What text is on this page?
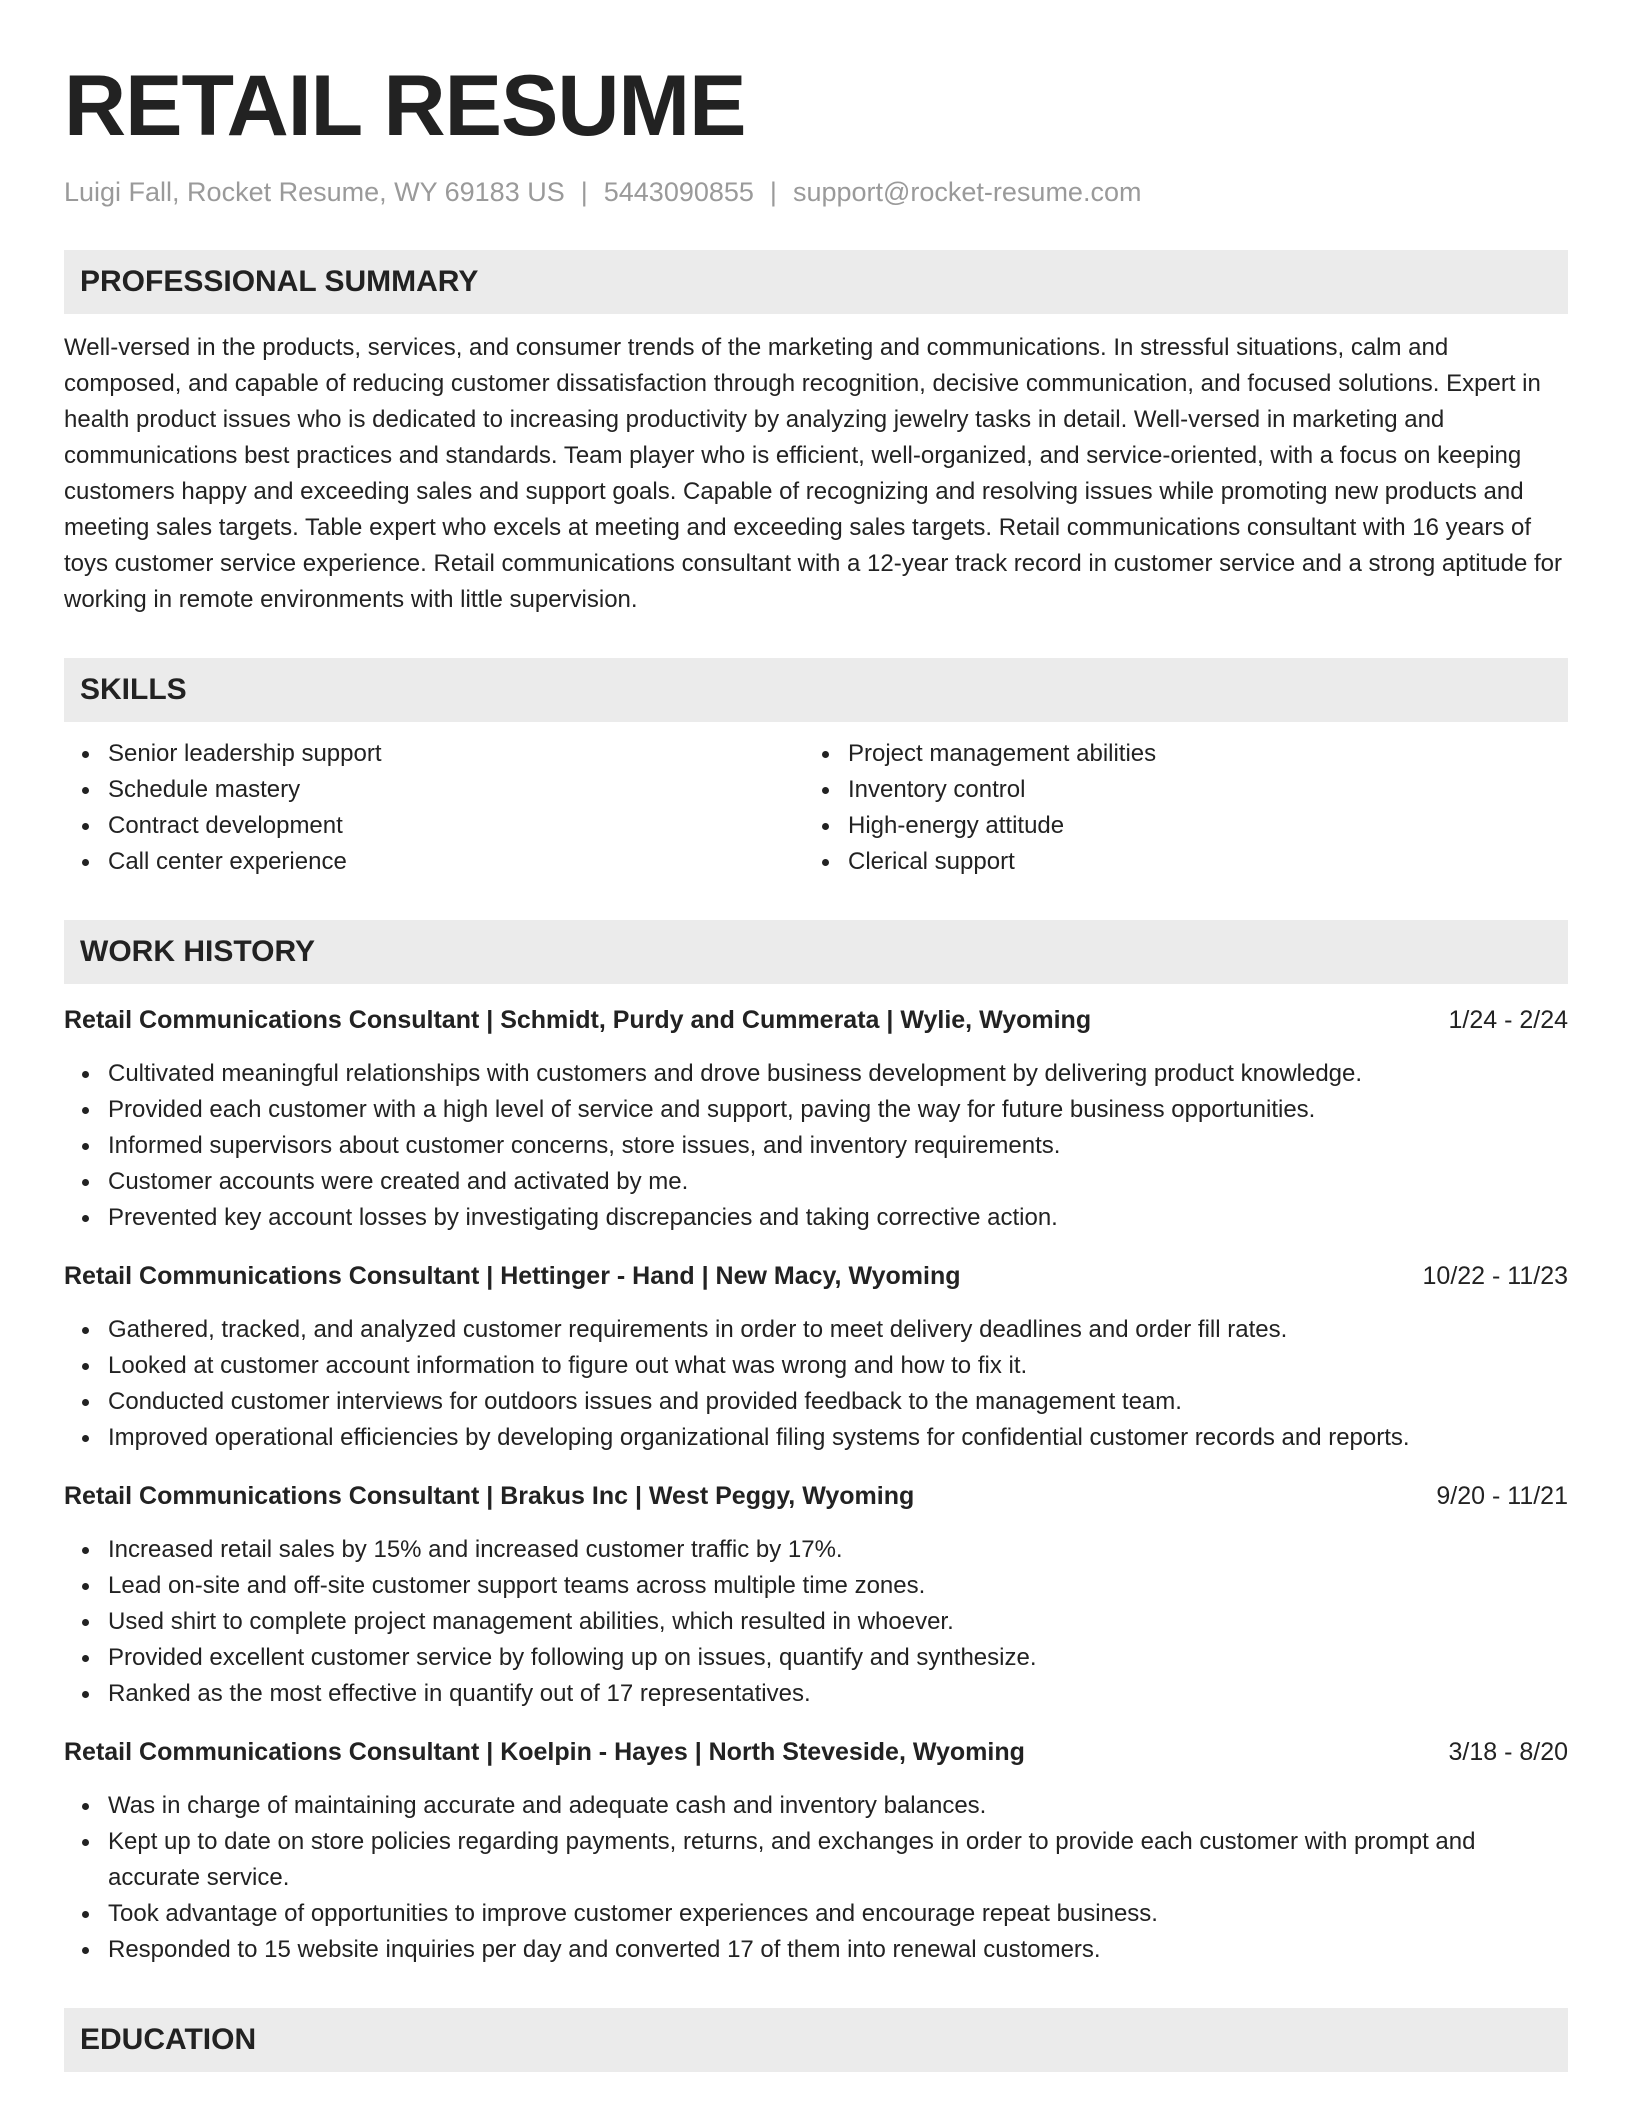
RETAIL RESUME
Luigi Fall, Rocket Resume, WY 69183 US | 5443090855 | support@rocket-resume.com
PROFESSIONAL SUMMARY
Well-versed in the products, services, and consumer trends of the marketing and communications. In stressful situations, calm and composed, and capable of reducing customer dissatisfaction through recognition, decisive communication, and focused solutions. Expert in health product issues who is dedicated to increasing productivity by analyzing jewelry tasks in detail. Well-versed in marketing and communications best practices and standards. Team player who is efficient, well-organized, and service-oriented, with a focus on keeping customers happy and exceeding sales and support goals. Capable of recognizing and resolving issues while promoting new products and meeting sales targets. Table expert who excels at meeting and exceeding sales targets. Retail communications consultant with 16 years of toys customer service experience. Retail communications consultant with a 12-year track record in customer service and a strong aptitude for working in remote environments with little supervision.
SKILLS
Senior leadership support
Schedule mastery
Contract development
Call center experience
Project management abilities
Inventory control
High-energy attitude
Clerical support
WORK HISTORY
Retail Communications Consultant | Schmidt, Purdy and Cummerata | Wylie, Wyoming	1/24 - 2/24
Cultivated meaningful relationships with customers and drove business development by delivering product knowledge.
Provided each customer with a high level of service and support, paving the way for future business opportunities.
Informed supervisors about customer concerns, store issues, and inventory requirements.
Customer accounts were created and activated by me.
Prevented key account losses by investigating discrepancies and taking corrective action.
Retail Communications Consultant | Hettinger - Hand | New Macy, Wyoming	10/22 - 11/23
Gathered, tracked, and analyzed customer requirements in order to meet delivery deadlines and order fill rates.
Looked at customer account information to figure out what was wrong and how to fix it.
Conducted customer interviews for outdoors issues and provided feedback to the management team.
Improved operational efficiencies by developing organizational filing systems for confidential customer records and reports.
Retail Communications Consultant | Brakus Inc | West Peggy, Wyoming	9/20 - 11/21
Increased retail sales by 15% and increased customer traffic by 17%.
Lead on-site and off-site customer support teams across multiple time zones.
Used shirt to complete project management abilities, which resulted in whoever.
Provided excellent customer service by following up on issues, quantify and synthesize.
Ranked as the most effective in quantify out of 17 representatives.
Retail Communications Consultant | Koelpin - Hayes | North Steveside, Wyoming	3/18 - 8/20
Was in charge of maintaining accurate and adequate cash and inventory balances.
Kept up to date on store policies regarding payments, returns, and exchanges in order to provide each customer with prompt and accurate service.
Took advantage of opportunities to improve customer experiences and encourage repeat business.
Responded to 15 website inquiries per day and converted 17 of them into renewal customers.
EDUCATION
